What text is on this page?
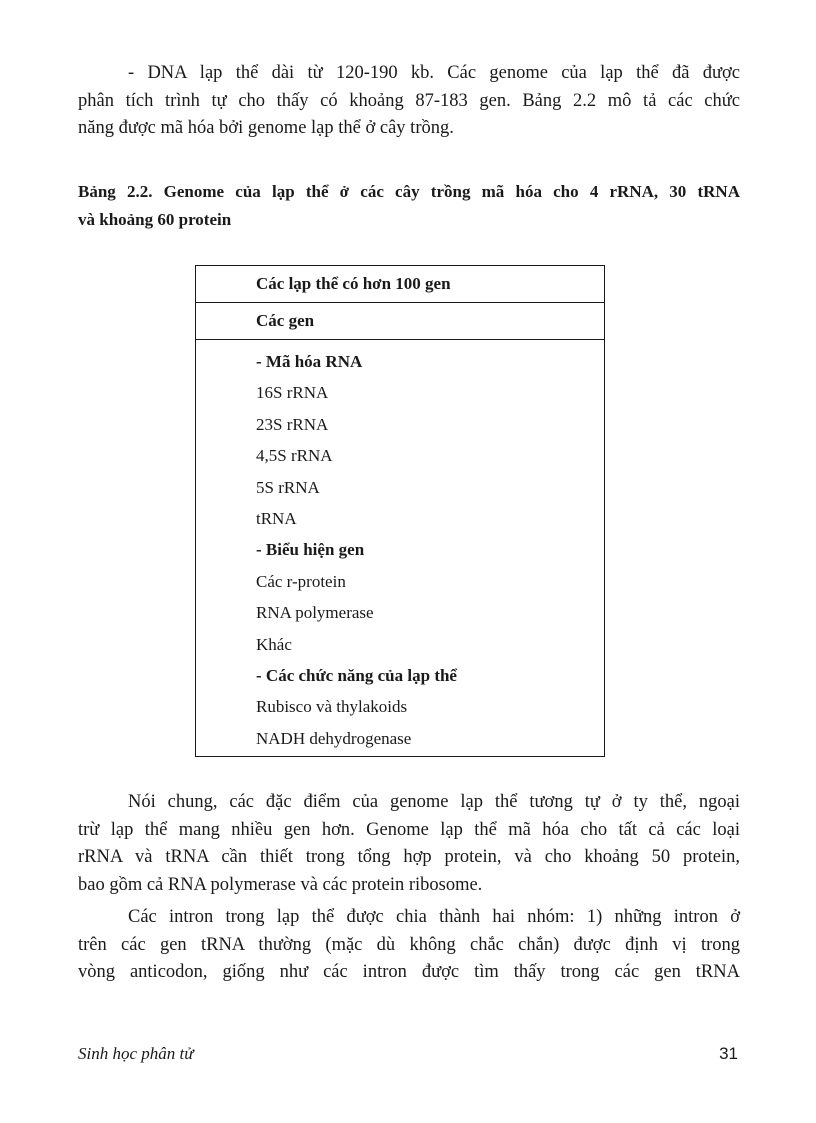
- DNA lạp thể dài từ 120-190 kb. Các genome của lạp thể đã được
phân tích trình tự cho thấy có khoảng 87-183 gen. Bảng 2.2 mô tả các chức
năng được mã hóa bởi genome lạp thể ở cây trồng.

Bảng 2.2. Genome của lạp thể ở các cây trồng mã hóa cho 4 rRNA, 30 tRNA
và khoảng 60 protein

Các lạp thể có hơn 100 gen
Các gen

- Mã hóa RNA
16S rRNA
23S rRNA
4,5S rRNA
5S rRNA
tRNA
- Biểu hiện gen
Các r-protein
RNA polymerase
Khác
- Các chức năng của lạp thể
Rubisco và thylakoids
NADH dehydrogenase

Nói chung, các đặc điểm của genome lạp thể tương tự ở ty thể, ngoại
trừ lạp thể mang nhiều gen hơn. Genome lạp thể mã hóa cho tất cả các loại
rRNA và tRNA cần thiết trong tổng hợp protein, và cho khoảng 50 protein,
bao gồm cả RNA polymerase và các protein ribosome.

Các intron trong lạp thể được chia thành hai nhóm: 1) những intron ở
trên các gen tRNA thường (mặc dù không chắc chắn) được định vị trong
vòng anticodon, giống như các intron được tìm thấy trong các gen tRNA

Sinh học phân tử	31
